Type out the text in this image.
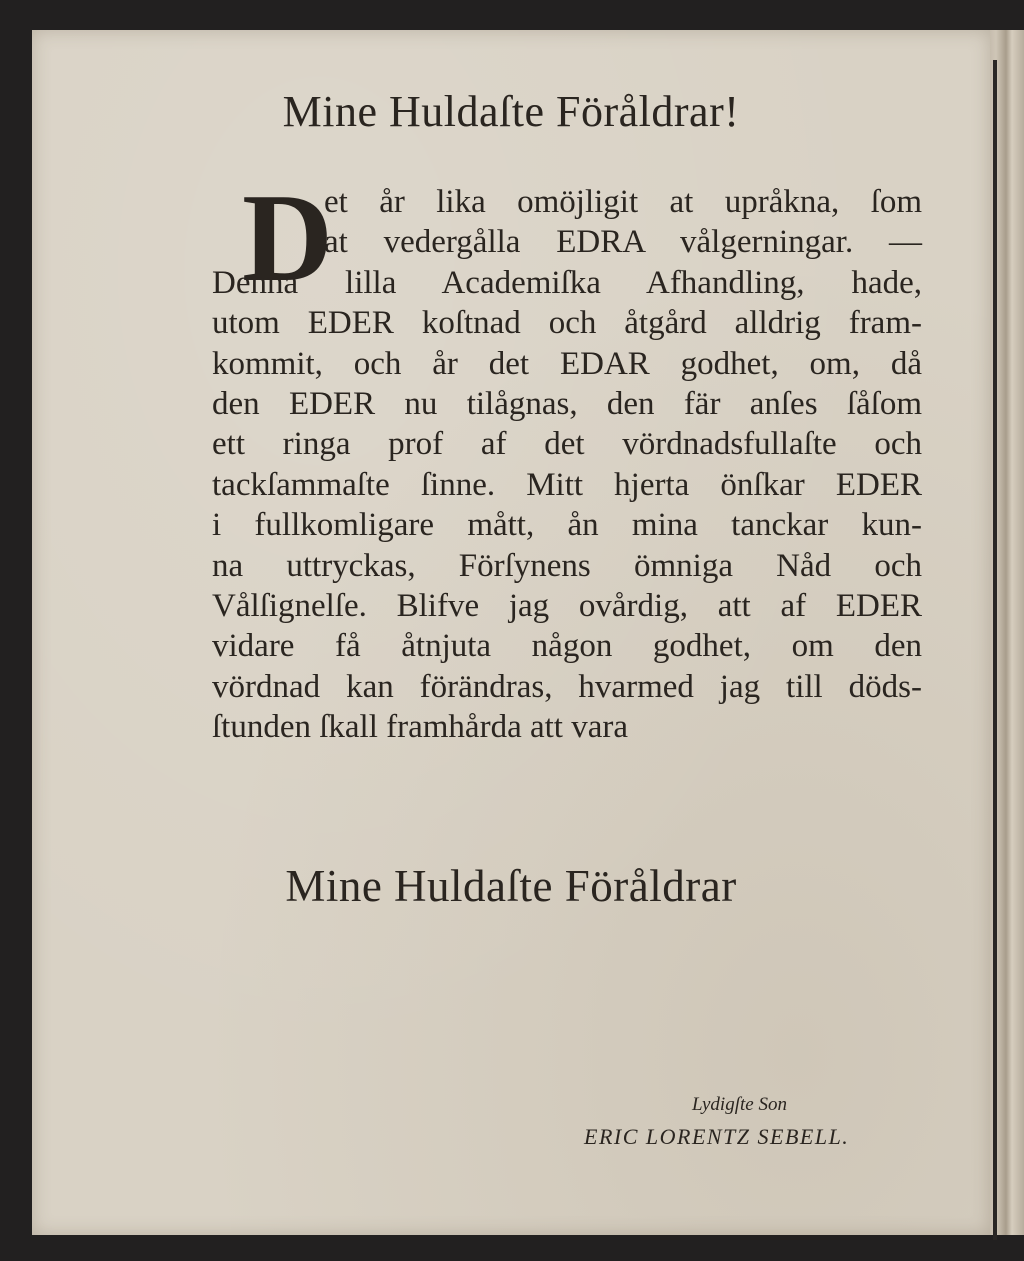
Mine Huldaſte Föråldrar!
D
et år lika omöjligit at upråkna, ſom
at vedergålla EDRA vålgerningar. —
Denna lilla Academiſka Afhandling, hade,
utom EDER koſtnad och åtgård alldrig fram-
kommit, och år det EDAR godhet, om, då
den EDER nu tilågnas, den fär anſes ſåſom
ett ringa prof af det vördnadsfullaſte och
tackſammaſte ſinne. Mitt hjerta önſkar EDER
i fullkomligare mått, ån mina tanckar kun-
na uttryckas, Förſynens ömniga Nåd och
Vålſignelſe. Blifve jag ovårdig, att af EDER
vidare få åtnjuta någon godhet, om den
vördnad kan förändras, hvarmed jag till döds-
ſtunden ſkall framhårda att vara
Mine Huldaſte Föråldrar
Lydigſte Son
ERIC LORENTZ SEBELL.
